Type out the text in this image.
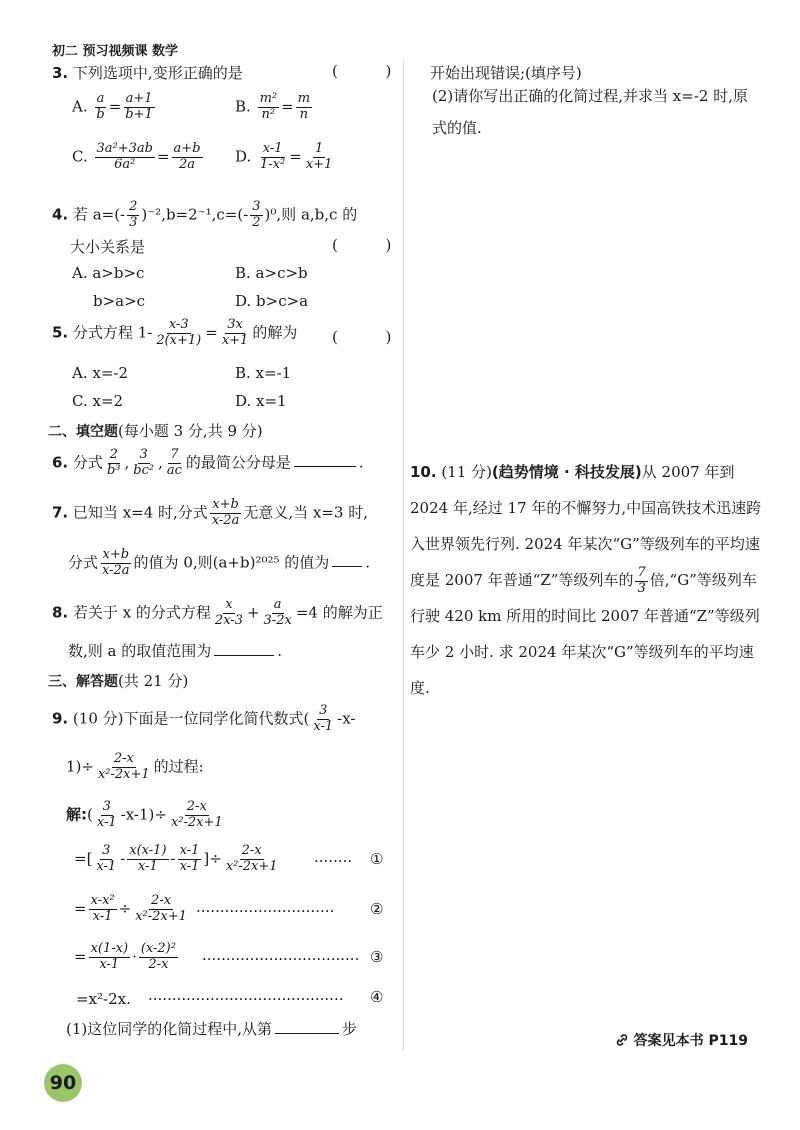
初二 预习视频课 数学
3. 下列选项中,变形正确的是	(          )
A. $\frac{a}{b} = \frac{a+1}{b+1}$	B. $\frac{\text{m²}}{\text{n²}} = \frac{m}{n}$
C. $\frac{\text{3a²+3ab}}{\text{6a²}} = \frac{a+b}{2a} D$. $\frac{x-1}{\text{1-x²}} = \frac{1}{x+1}$
4. 若 $a=(- \frac{2}{3} )^{-2},b=2^{-1},c=(- \frac{3}{2} )^0$,则 a,b,c 的
大小关系是	(          )
A. a>b>c	B. a>c>b
b>a>c	D. b>c>a
5. 分式方程 $1- \frac{x-3}{2(x+1)} = \frac{3x}{x+1}$ 的解为 (          )
A. x=-2	B. x=-1
C. x=2	D. x=1
二、填空题(每小题 3 分,共 9 分)
6. 分式 $\frac{2}{\text{b³}}$ , $\frac{3}{\text{bc²}}$ , $\frac{7}{ac}$ 的最简公分母是	.
7. 已知当 x=4 时,分式 $\frac{x+b}{x-2a}$ 无意义,当 x=3 时,
分式 $\frac{x+b}{x-2a}$ 的值为 0,则(a+b)²⁰²⁵ 的值为 .
8. 若关于 x 的分式方程 $\frac{x}{2x-3} + \frac{a}{3-2x} =4$ 的解为正
数,则 a 的取值范围为	.
三、解答题(共 21 分)
9. (10 分)下面是一位同学化简代数式( $\frac{3}{x-1} -x-$
$1)\div \frac{2-x}{\text{x²-2x+1}}$ 的过程:
解:( $\frac{3}{x-1} -x-1)\div \frac{2-x}{\text{x²-2x+1}}$
=[ $\frac{3}{x-1} - \frac{x(x-1)}{x-1} - \frac{x-1}{x-1}$ ]÷ $\frac{2-x}{\text{x²-2x+1}}$ ········ ①
= $\frac{\text{x-x²}}{x-1} \div \frac{2-x}{\text{x²-2x+1}}$ ····························· ②
= $\frac{x(1-x)}{x-1} \cdot \frac{\text{(x-2)²}}{2-x}$ ································· ③
=x²-2x. ········································· ④
(1)这位同学的化简过程中,从第	步
开始出现错误;(填序号)
(2)请你写出正确的化简过程,并求当 x=-2 时,原式的值.
10. (11 分)(趋势情境 · 科技发展)从 2007 年到 2024 年,经过 17 年的不懈努力,中国高铁技术迅速跨入世界领先行列. 2024 年某次“G”等级列车的平均速度是 2007 年普通“Z”等级列车的 $\frac{7}{3}$ 倍,“G”等级列车行驶 420 km 所用的时间比 2007 年普通“Z”等级列车少 2 小时. 求 2024 年某次“G”等级列车的平均速度.
答案见本书 P119
90
